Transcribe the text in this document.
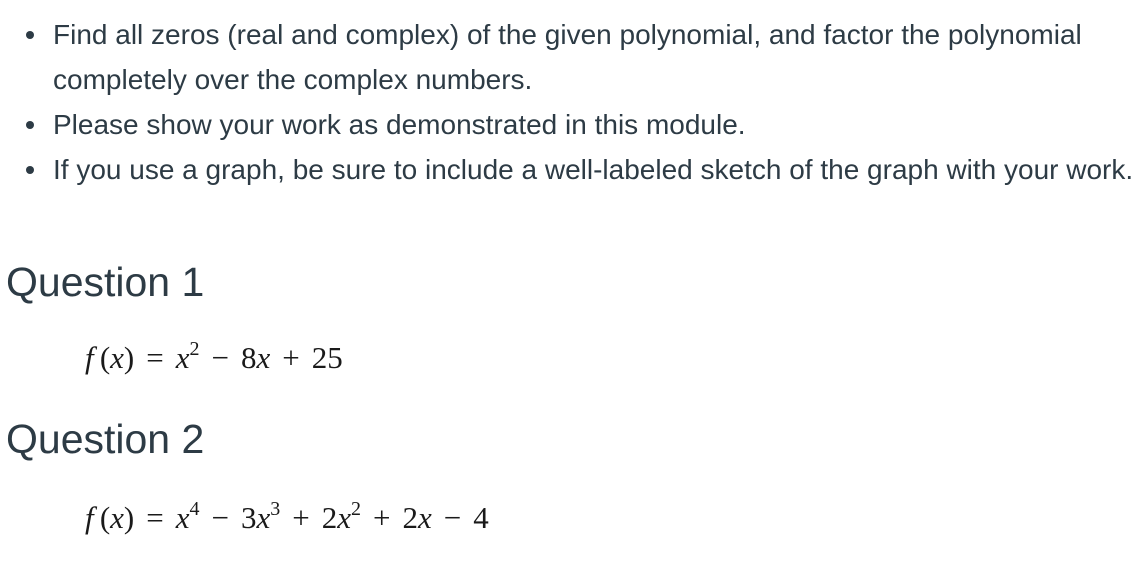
Find all zeros (real and complex) of the given polynomial, and factor the polynomial completely over the complex numbers.
Please show your work as demonstrated in this module.
If you use a graph, be sure to include a well-labeled sketch of the graph with your work.
Question 1
f $(x) = x^2 - 8x + 25$
Question 2
f $(x) = x^4 - 3x^3 + 2x^2 + 2x - 4$
